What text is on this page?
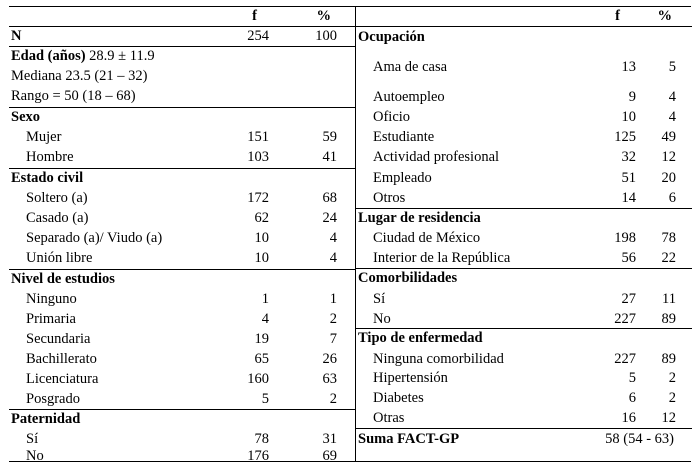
f	%
N	254	100
Edad (años) 28.9 ± 11.9
Mediana 23.5 (21 – 32)
Rango = 50 (18 – 68)
Sexo
Mujer	151	59
Hombre	103	41
Estado civil
Soltero (a)	172	68
Casado (a)	62	24
Separado (a)/ Viudo (a)	10	4
Unión libre	10	4
Nivel de estudios
Ninguno	1	1
Primaria	4	2
Secundaria	19	7
Bachillerato	65	26
Licenciatura	160	63
Posgrado	5	2
Paternidad
Sí	78	31
No	176	69
f	%
Ocupación
Ama de casa	13 5
Autoempleo	9 4
Oficio	10 4
Estudiante	125 49
Actividad profesional	32 12
Empleado	51 20
Otros	14 6
Lugar de residencia
Ciudad de México	198 78
Interior de la República	56 22
Comorbilidades
Sí	27 11
No	227 89
Tipo de enfermedad
Ninguna comorbilidad	227 89
Hipertensión	5 2
Diabetes	6 2
Otras	16 12
Suma FACT-GP	58 (54 - 63)
